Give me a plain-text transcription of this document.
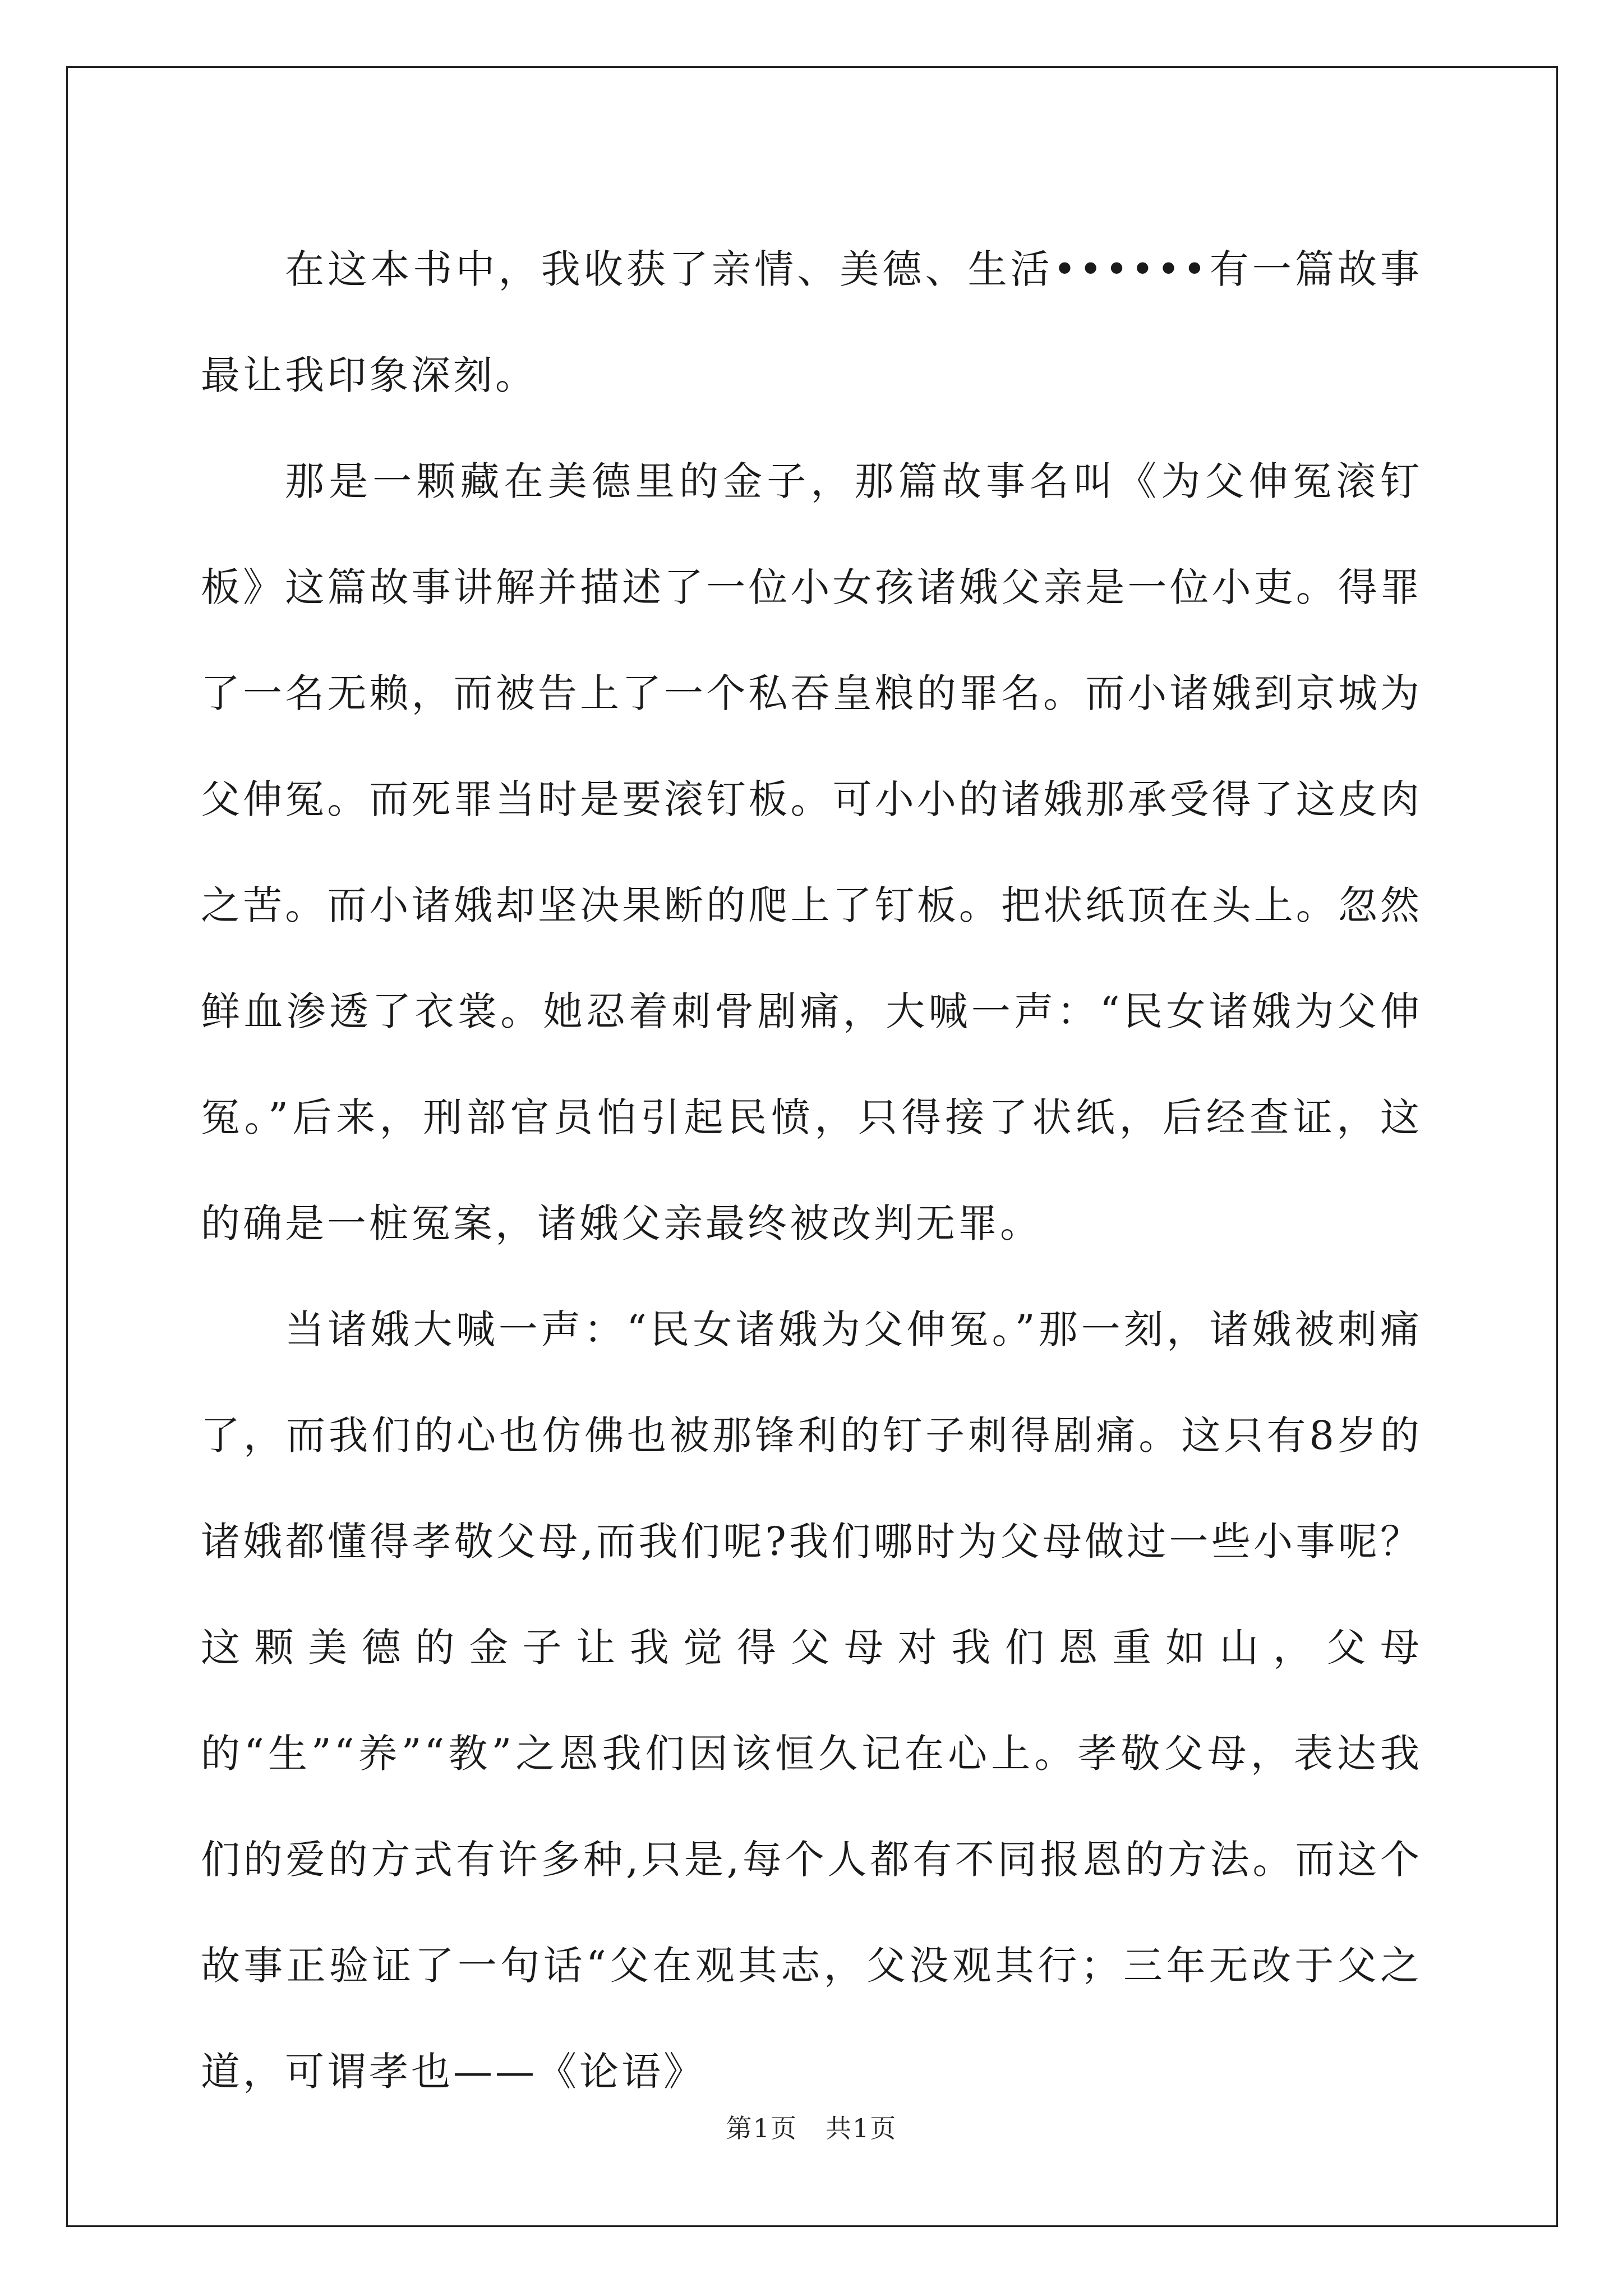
在这本书中，我收获了亲情、美德、生活••••••有一篇故事最让我印象深刻。

那是一颗藏在美德里的金子，那篇故事名叫《为父伸冤滚钉板》这篇故事讲解并描述了一位小女孩诸娥父亲是一位小吏。得罪了一名无赖，而被告上了一个私吞皇粮的罪名。而小诸娥到京城为父伸冤。而死罪当时是要滚钉板。可小小的诸娥那承受得了这皮肉之苦。而小诸娥却坚决果断的爬上了钉板。把状纸顶在头上。忽然鲜血渗透了衣裳。她忍着刺骨剧痛，大喊一声：“民女诸娥为父伸冤。”后来，刑部官员怕引起民愤，只得接了状纸，后经查证，这的确是一桩冤案，诸娥父亲最终被改判无罪。

当诸娥大喊一声：“民女诸娥为父伸冤。”那一刻，诸娥被刺痛了，而我们的心也仿佛也被那锋利的钉子刺得剧痛。这只有8岁的诸娥都懂得孝敬父母,而我们呢?我们哪时为父母做过一些小事呢？这颗美德的金子让我觉得父母对我们恩重如山，父母的“生”“养”“教”之恩我们因该恒久记在心上。孝敬父母，表达我们的爱的方式有许多种,只是,每个人都有不同报恩的方法。而这个故事正验证了一句话“父在观其志，父没观其行；三年无改于父之道，可谓孝也——《论语》

第1页 共1页
